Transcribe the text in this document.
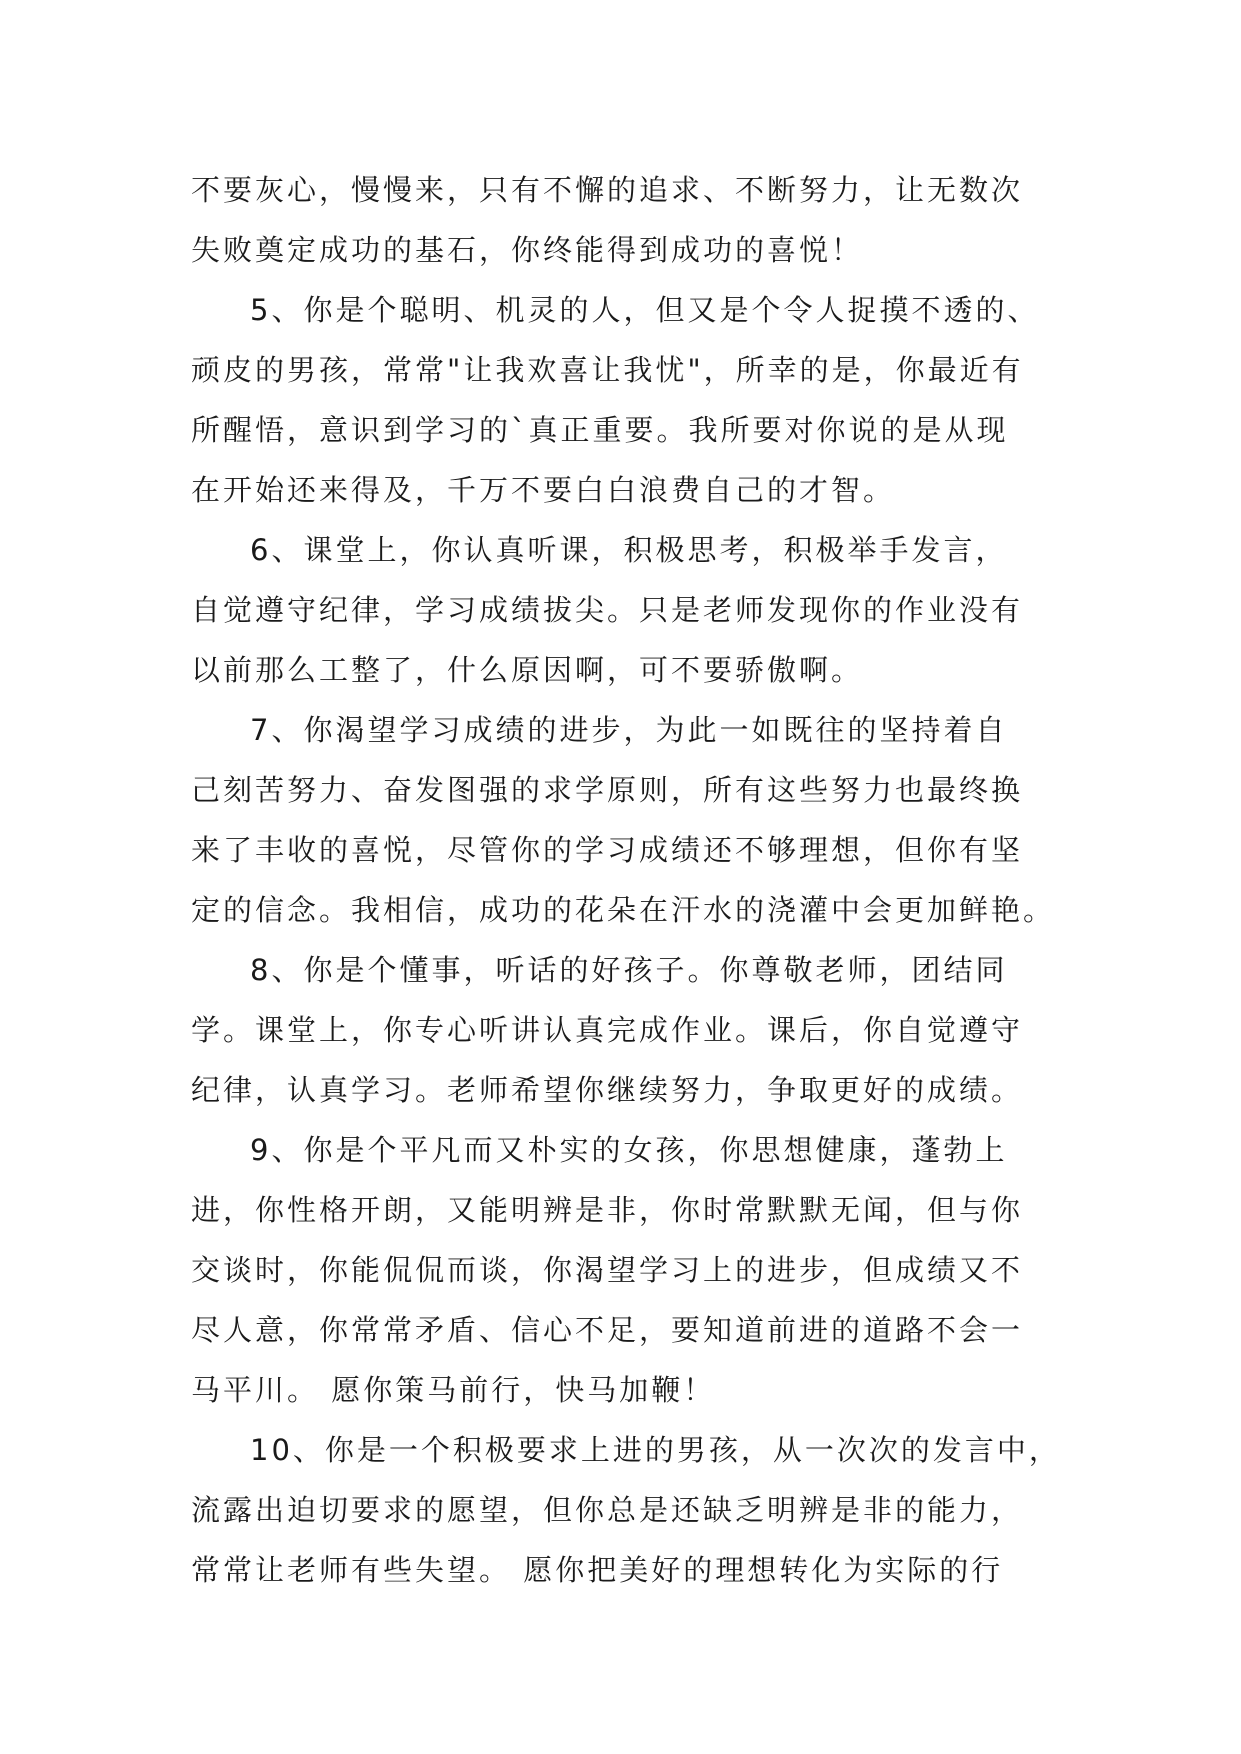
不要灰心，慢慢来，只有不懈的追求、不断努力，让无数次
失败奠定成功的基石，你终能得到成功的喜悦！
5、你是个聪明、机灵的人，但又是个令人捉摸不透的、
顽皮的男孩，常常"让我欢喜让我忧"，所幸的是，你最近有
所醒悟，意识到学习的`真正重要。我所要对你说的是从现
在开始还来得及，千万不要白白浪费自己的才智。
6、课堂上，你认真听课，积极思考，积极举手发言，
自觉遵守纪律，学习成绩拔尖。只是老师发现你的作业没有
以前那么工整了，什么原因啊，可不要骄傲啊。
7、你渴望学习成绩的进步，为此一如既往的坚持着自
己刻苦努力、奋发图强的求学原则，所有这些努力也最终换
来了丰收的喜悦，尽管你的学习成绩还不够理想，但你有坚
定的信念。我相信，成功的花朵在汗水的浇灌中会更加鲜艳。
8、你是个懂事，听话的好孩子。你尊敬老师，团结同
学。课堂上，你专心听讲认真完成作业。课后，你自觉遵守
纪律，认真学习。老师希望你继续努力，争取更好的成绩。
9、你是个平凡而又朴实的女孩，你思想健康，蓬勃上
进，你性格开朗，又能明辨是非，你时常默默无闻，但与你
交谈时，你能侃侃而谈，你渴望学习上的进步，但成绩又不
尽人意，你常常矛盾、信心不足，要知道前进的道路不会一
马平川。 愿你策马前行，快马加鞭！
10、你是一个积极要求上进的男孩，从一次次的发言中，
流露出迫切要求的愿望，但你总是还缺乏明辨是非的能力，
常常让老师有些失望。 愿你把美好的理想转化为实际的行
